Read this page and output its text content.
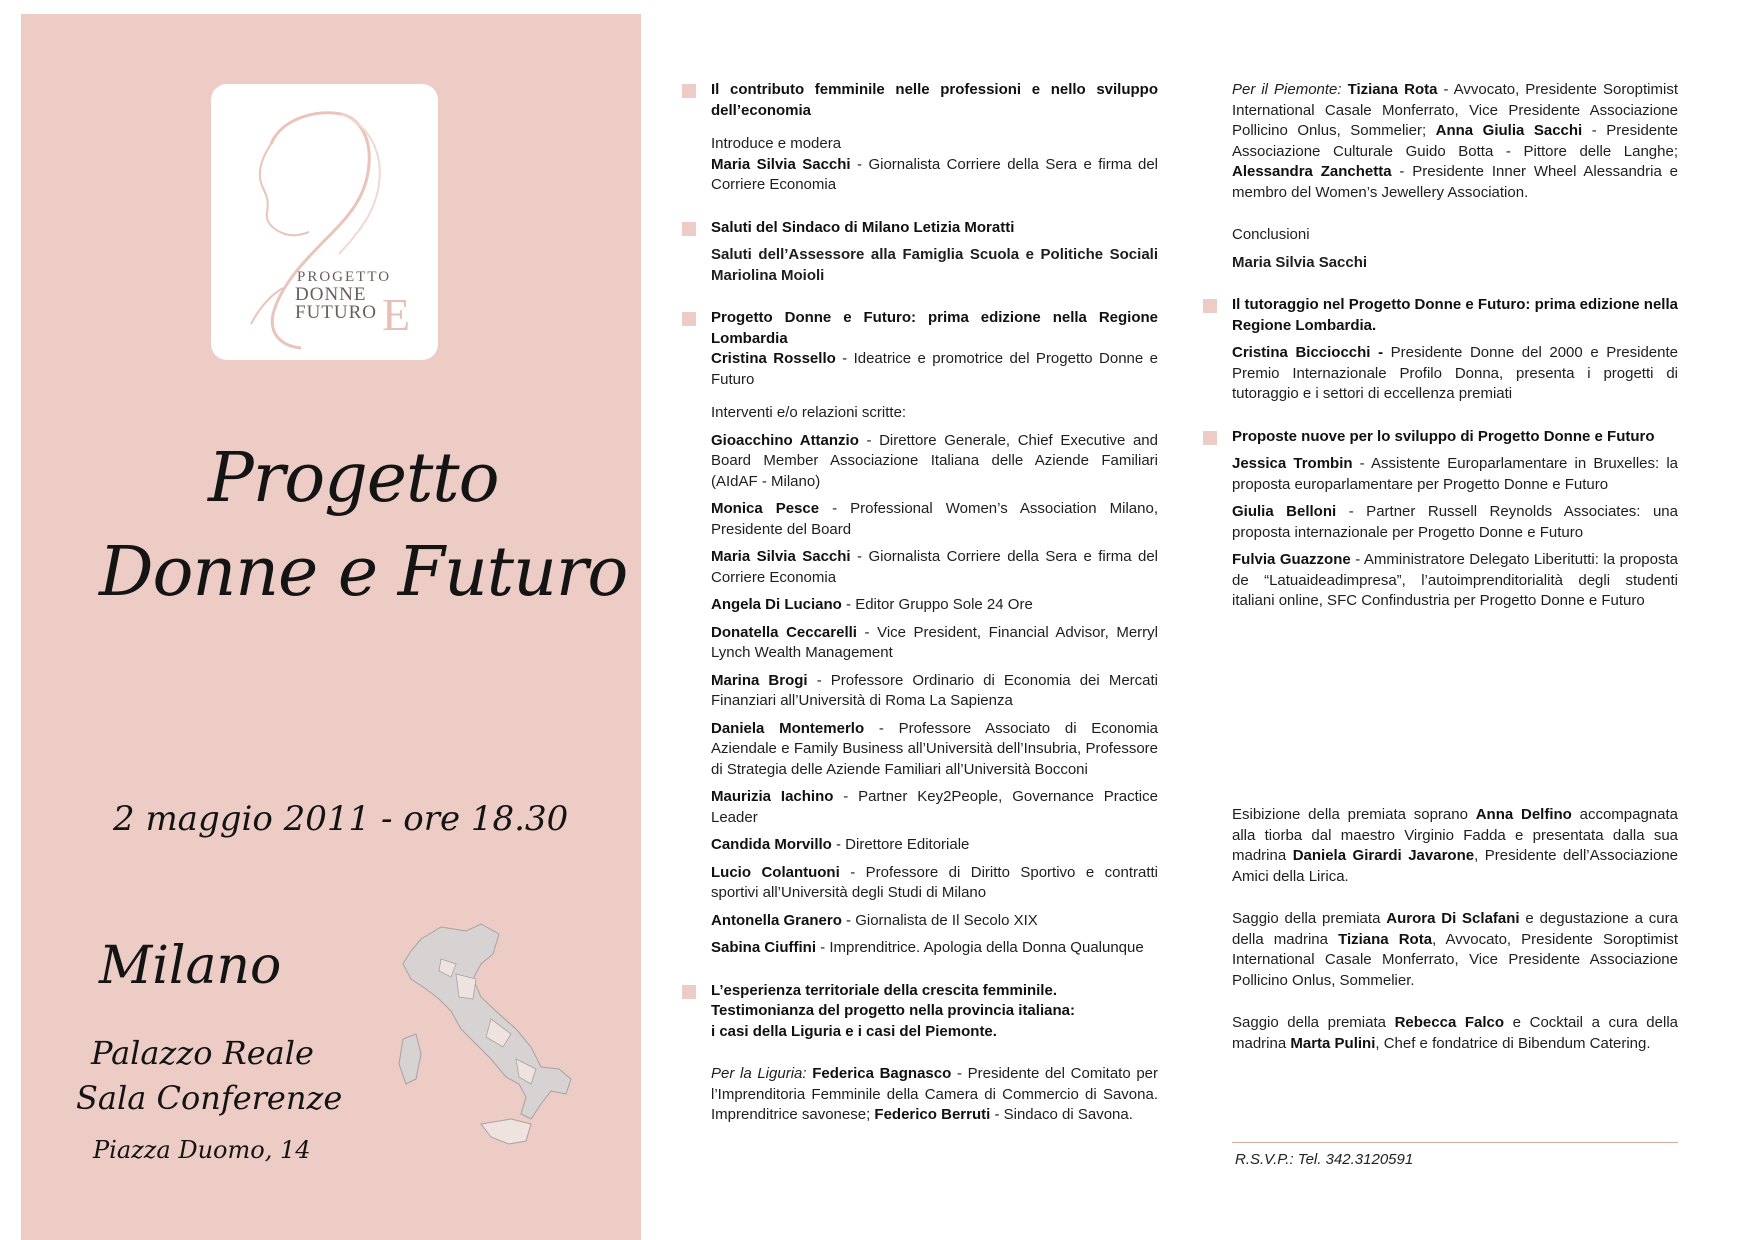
PROGETTO
DONNE
FUTURO E
Progetto
Donne e Futuro
2 maggio 2011 - ore 18.30
Milano
Palazzo Reale
Sala Conferenze
Piazza Duomo, 14

Il contributo femminile nelle professioni e nello sviluppo dell’economia

Introduce e modera

Maria Silvia Sacchi - Giornalista Corriere della Sera e firma del Corriere Economia

Saluti del Sindaco di Milano Letizia Moratti

Saluti dell’Assessore alla Famiglia Scuola e Politiche Sociali Mariolina Moioli

Progetto Donne e Futuro: prima edizione nella Regione Lombardia

Cristina Rossello - Ideatrice e promotrice del Progetto Donne e Futuro

Interventi e/o relazioni scritte:

Gioacchino Attanzio - Direttore Generale, Chief Executive and Board Member Associazione Italiana delle Aziende Familiari (AIdAF - Milano)

Monica Pesce - Professional Women’s Association Milano, Presidente del Board

Maria Silvia Sacchi - Giornalista Corriere della Sera e firma del Corriere Economia

Angela Di Luciano - Editor Gruppo Sole 24 Ore

Donatella Ceccarelli - Vice President, Financial Advisor, Merryl Lynch Wealth Management

Marina Brogi - Professore Ordinario di Economia dei Mercati Finanziari all’Università di Roma La Sapienza

Daniela Montemerlo - Professore Associato di Economia Aziendale e Family Business all’Università dell’Insubria, Professore di Strategia delle Aziende Familiari all’Università Bocconi

Maurizia Iachino - Partner Key2People, Governance Practice Leader

Candida Morvillo - Direttore Editoriale

Lucio Colantuoni - Professore di Diritto Sportivo e contratti sportivi all’Università degli Studi di Milano

Antonella Granero - Giornalista de Il Secolo XIX

Sabina Ciuffini - Imprenditrice. Apologia della Donna Qualunque

L’esperienza territoriale della crescita femminile.
Testimonianza del progetto nella provincia italiana:
i casi della Liguria e i casi del Piemonte.

Per la Liguria: Federica Bagnasco - Presidente del Comitato per l’Imprenditoria Femminile della Camera di Commercio di Savona. Imprenditrice savonese; Federico Berruti - Sindaco di Savona.

Per il Piemonte: Tiziana Rota - Avvocato, Presidente Soroptimist International Casale Monferrato, Vice Presidente Associazione Pollicino Onlus, Sommelier; Anna Giulia Sacchi - Presidente Associazione Culturale Guido Botta - Pittore delle Langhe; Alessandra Zanchetta - Presidente Inner Wheel Alessandria e membro del Women’s Jewellery Association.

Conclusioni

Maria Silvia Sacchi

Il tutoraggio nel Progetto Donne e Futuro: prima edizione nella Regione Lombardia.

Cristina Bicciocchi - Presidente Donne del 2000 e Presidente Premio Internazionale Profilo Donna, presenta i progetti di tutoraggio e i settori di eccellenza premiati

Proposte nuove per lo sviluppo di Progetto Donne e Futuro

Jessica Trombin - Assistente Europarlamentare in Bruxelles: la proposta europarlamentare per Progetto Donne e Futuro

Giulia Belloni - Partner Russell Reynolds Associates: una proposta internazionale per Progetto Donne e Futuro

Fulvia Guazzone - Amministratore Delegato Liberitutti: la proposta de “Latuaideadimpresa”, l’autoimprenditorialità degli studenti italiani online, SFC Confindustria per Progetto Donne e Futuro

Esibizione della premiata soprano Anna Delfino accompagnata alla tiorba dal maestro Virginio Fadda e presentata dalla sua madrina Daniela Girardi Javarone, Presidente dell’Associazione Amici della Lirica.

Saggio della premiata Aurora Di Sclafani e degustazione a cura della madrina Tiziana Rota, Avvocato, Presidente Soroptimist International Casale Monferrato, Vice Presidente Associazione Pollicino Onlus, Sommelier.

Saggio della premiata Rebecca Falco e Cocktail a cura della madrina Marta Pulini, Chef e fondatrice di Bibendum Catering.

R.S.V.P.: Tel. 342.3120591
